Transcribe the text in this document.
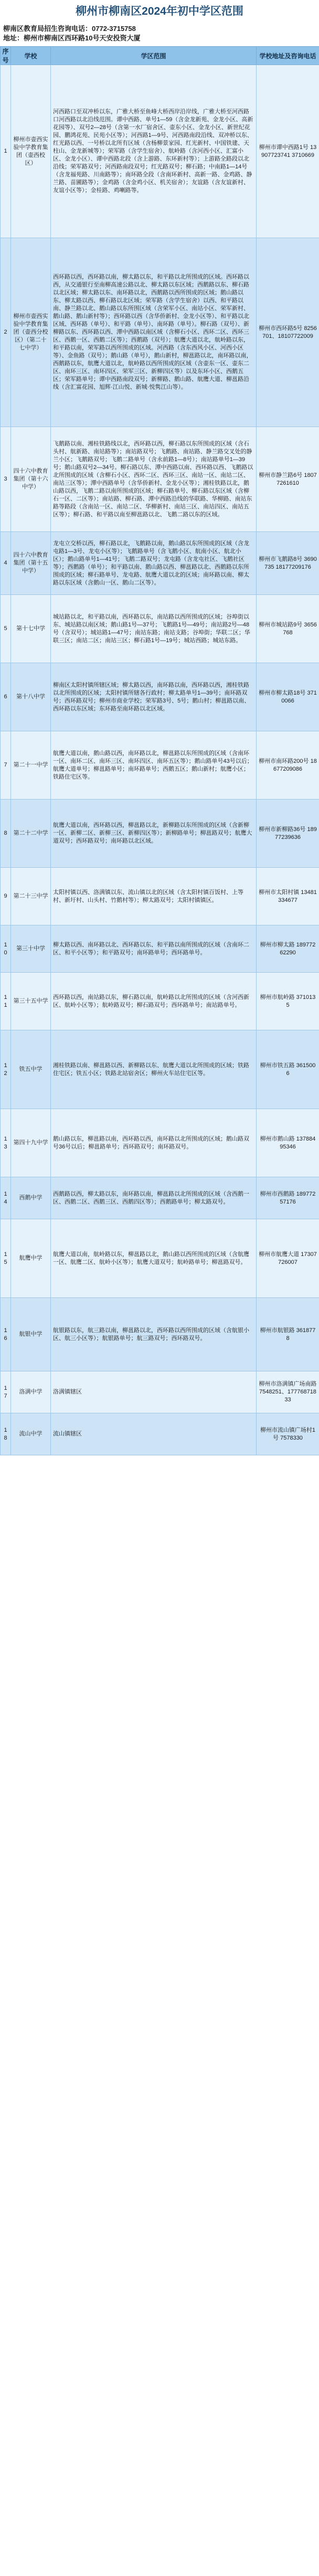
柳州市柳南区2024年初中学区范围
柳南区教育局招生咨询电话：0772-3715758
地址：柳州市柳南区西环路10号天安投资大厦
序号	学校	学区范围	学校地址及咨询电话
1	柳州市壶西实验中学教育集团（壶西校区）	河西路口至双冲桥以东，广雅大桥至鱼峰大桥西岸沿岸线，广雅大桥至河西路口河西路以北沿线范围。谭中西路、单号1—59（含金龙新苑、金龙小区、高新花园等）、双号2—28号（含第一水厂宿舍区、壶东小区、金龙小区、新世纪花园、鹏鸿花苑、民苑小区等）；河西路1—9号、河西路南段沿线、双冲桥以东、红光路以西、一号桥以北所有区域（含杨柳景家园、红光新村、中国铁建、天柱山、金龙新城等）；荣军路（含学生宿舍）、航岭路（含河西小区、汇富小区、金龙小区）、谭中西路北段（含上游路、东环新村等）；上游路全路段以北沿线；荣军路双号；河西路南段双号；红光路双号；柳石路；中南路1—14号（含龙福苑路、川南路等）；南环路全段（含南环新村、高新一路、金鸡路、静兰路、苗圃路等）；金鸡路（含金鸡小区、机关宿舍）；友谊路（含友谊新村、友谊小区等）；金桂路、鸡喇路等。	柳州市谭中西路1号 13907723741 3710669
2	柳州市壶西实验中学教育集团（壶西分校区）（第二十七中学）	西环路以西，西环路以南，柳太路以东，和平路以北所围成的区域。西环路以西，从交通银行至南柳高速公路以北、柳太路以东区域；西鹅路以东、柳石路以北区域；柳太路以东、南环路以北，西鹅路以西所围成的区域；鹅山路以东、柳太路以西、柳石路以北区域；荣军路（含学生宿舍）以西、和平路以南、静兰路以北、鹅山路以东所围区域（含荣军小区、南站小区、荣军新村、鹅山路、鹅山新村等）；西环路以西（含华侨新村、金龙小区等）、和平路以北区域、西环路（单号）、和平路（单号）、南环路（单号）。柳石路（双号）、新柳路以东、西环路以西、潭中西路以南区域（含柳石小区、西环二区、西环三区、西鹅一区、西鹅二区等）；西鹅路（双号）；航鹰大道以北，航岭路以东，和平路以南，荣军路以西所围成的区域。河西路（含东西风小区、河西小区等）、金鱼路（双号）；鹅山路（单号），鹅山新村，柳邕路以北，南环路以南，西鹅路以东，航鹰大道以北，航岭路以西所围成的区域（含壶东一区、壶东二区、南环三区、南环四区、荣军三区、新柳四区等）以及东环小区、西鹅五区；荣军路单号；谭中西路南段双号；新柳路、鹅山路、航鹰大道、柳邕路沿线（含汇富花园、旭辉·江山悦、新城·悦隽江山等）。	柳州市西环路5号 8256701、18107722009
3	四十六中教育集团（第十六中学）	飞鹅路以南、湘桂铁路线以北，西环路以西，柳石路以东所围成的区域（含石头村、航新路、南站路等）；南站路双号；飞鹅路、南站路、静兰路交叉处的静兰小区；飞鹅路双号；飞鹅二路单号（含永前路1—8号）；南站路单号1—39号；鹅山路双号2—34号。柳石路以东、潭中西路以南、西环路以西、飞鹅路以北所围成的区域（含柳石小区、西环二区、西环三区、南站一区、南站二区、南站三区等）；潭中西路单号（含华侨新村、金龙小区等）；湘桂铁路以北，鹅山路以西，飞鹅二路以南所围成的区域；柳石路单号、柳石路以东区域（含柳石一区、二区等）；南站路、柳石路、潭中西路沿线的华联路、华柳路、南站东路等路段（含南站一区、南站二区、华柳新村、南站三区、南站四区、南站五区等）；柳石路、和平路以南至柳邕路以北、飞鹅二路以东的区域。	柳州市静兰路6号 18077261610
4	四十六中教育集团（第十五中学）	龙屯立交桥以西，柳石路以北，飞鹅路以南，鹅山路以东所围成的区域（含龙屯路1—3号、龙屯小区等）；飞鹅路单号（含飞鹅小区、航南小区、航北小区）；鹅山路单号1—41号；飞鹅二路双号；龙屯路（含龙屯社区、飞鹅社区等）；西鹅路（单号）；和平路以南、鹅山路以西、柳邕路以北、西鹅路以东所围成的区域；柳石路单号、龙屯路、航鹰大道以北的区域；南环路以南、柳太路以东区域（含鹅山一区、鹅山二区等）。	柳州市飞鹅路8号 3690735 18177209176
5	第十七中学	城站路以北，和平路以南，西环路以东，南站路以西所围成的区域；谷埠街以东、城站路以南区域；鹅山路1号—37号；飞鹅路1号—49号；南站路2号—48号（含双号）；城站路1—47号；南站东路；南站支路；谷埠街；华联二区；华联三区；南站二区；南站三区；柳石路1号—19号；城站西路；城站东路。	柳州市城站路9号 3656768
6	第十八中学	柳南区太阳村镇所辖区域；柳太路以西，南环路以南，西环路以西，湘桂铁路以北所围成的区域；太阳村镇所辖各行政村；柳太路单号1—39号；南环路双号；西环路双号；柳州市商业学校；荣军路3号、5号；鹅山村；柳邕路以南、西环路以东区域；东环路至南环路以北区域。	柳州市柳太路18号 3710066
7	第二十一中学	航鹰大道以南，鹅山路以西，南环路以北，柳邕路以东所围成的区域（含南环一区、南环二区、南环三区、南环四区、南环五区等）；鹅山路单号43号以后；航鹰大道单号；柳邕路单号；南环路单号；西鹅五区；鹅山新村；航鹰小区；铁路住宅区等。	柳州市南环路200号 18677209086
8	第二十二中学	航鹰大道以南，西环路以西，柳邕路以北，新柳路以东所围成的区域（含新柳一区、新柳二区、新柳三区、新柳四区等）；新柳路单号；柳邕路双号；航鹰大道双号；西环路双号；南环路以北区域。	柳州市新柳路36号 18977239636
9	第二十三中学	太阳村镇以西、洛满镇以东、流山镇以北的区域（含太阳村镇百饭村、上等村、新圩村、山头村、竹鹅村等）；柳太路双号；太阳村镇镇区。	柳州市太阳村镇 13481334677
10	第三十中学	柳太路以西、南环路以北、西环路以东、和平路以南所围成的区域（含南环二区、和平小区等）；和平路双号；南环路单号；西环路单号。	柳州市柳太路 18977262290
11	第三十五中学	西环路以西，南站路以东，柳石路以南，航岭路以北所围成的区域（含河西新区、航岭小区等）；航岭路双号；柳石路双号；西环路单号；南站路单号。	柳州市航岭路 3710135
12	铁五中学	湘桂铁路以南、柳邕路以西、新柳路以东、航鹰大道以北所围成的区域；铁路住宅区；铁五小区；铁路北站宿舍区；柳州火车站住宅区等。	柳州市铁五路 3615006
13	第四十九中学	鹅山路以东，柳邕路以南，西环路以西，南环路以北所围成的区域；鹅山路双号36号以后；柳邕路单号；西环路双号；南环路双号。	柳州市鹅山路 13788495346
14	西鹅中学	西鹅路以西，柳太路以东，南环路以南，柳邕路以北所围成的区域（含西鹅一区、西鹅二区、西鹅三区、西鹅四区等）；西鹅路单号；柳太路双号。	柳州市西鹅路 18977257176
15	航鹰中学	航鹰大道以南，航岭路以东，柳邕路以北，鹅山路以西所围成的区域（含航鹰一区、航鹰二区、航岭小区等）；航鹰大道双号；航岭路单号；柳邕路双号。	柳州市航鹰大道 17307726007
16	航银中学	航银路以东，航三路以南，柳邕路以北，西环路以西所围成的区域（含航银小区、航三小区等）；航银路单号；航三路双号；西环路双号。	柳州市航银路 3618778
17	洛满中学	洛满镇辖区	柳州市洛满镇广场南路 7548251、17776871833
18	流山中学	流山镇辖区	柳州市流山镇广场村1号 7578330
